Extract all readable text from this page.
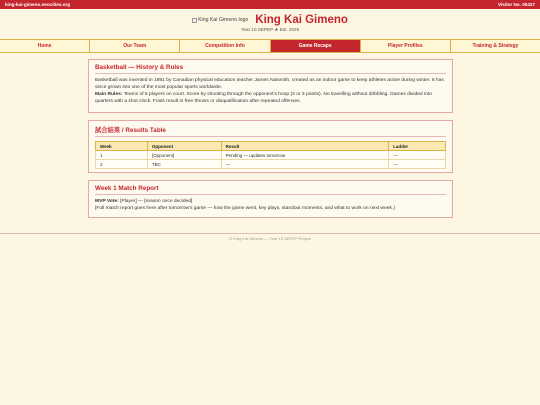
king-kai-gimeno.neocities.org	Visitor No. 00427
King Kai Gimeno logo King Kai Gimeno
Year 10 SEPEP ★ Est. 2026
Home	Our Team	Competition Info	Game Recaps	Player Profiles	Training & Strategy
Basketball — History & Rules
Basketball was invented in 1891 by Canadian physical education teacher James Naismith, created as an indoor game to keep athletes active during winter. It has since grown into one of the most popular sports worldwide.
Main Rules: Teams of 5 players on court. Score by shooting through the opponent's hoop (2 or 3 points). No travelling without dribbling. Games divided into quarters with a shot clock. Fouls result in free throws or disqualification after repeated offenses.
試合結果 / Results Table
Week	Opponent	Result	Ladder
1	[Opponent]	Pending — updates tomorrow	—
2	TBC	—	—
Week 1 Match Report
MVP Vote: [Player] — [reason once decided]
[Full match report goes here after tomorrow's game — how the game went, key plays, standout moments, and what to work on next week.]
© King Kai Gimeno — Year 10 SEPEP Project
